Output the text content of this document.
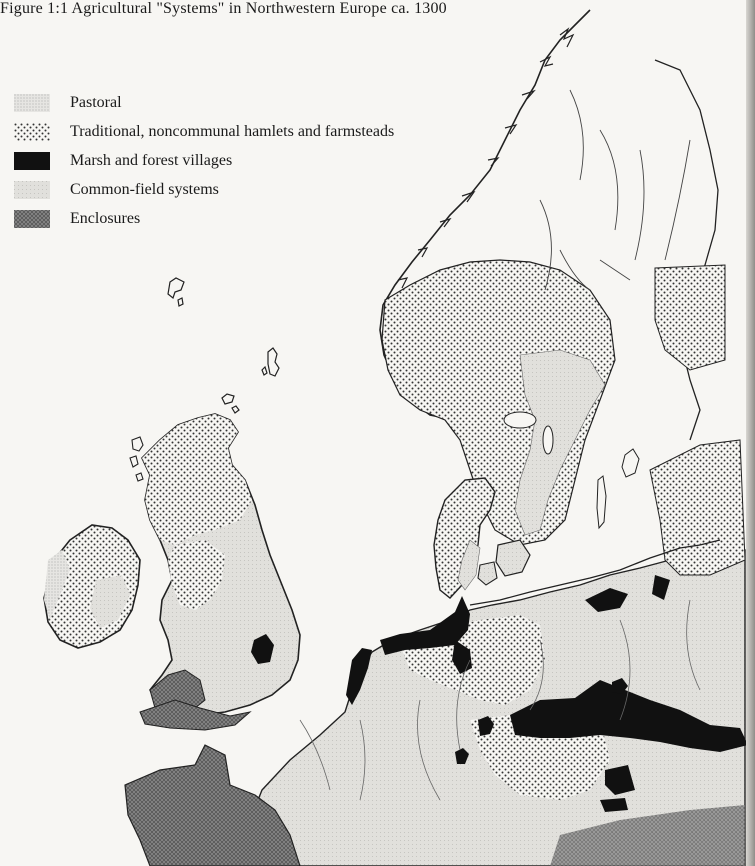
Figure 1:1 Agricultural "Systems" in Northwestern Europe ca. 1300
Pastoral
Traditional, noncommunal hamlets and farmsteads
Marsh and forest villages
Common-field systems
Enclosures
